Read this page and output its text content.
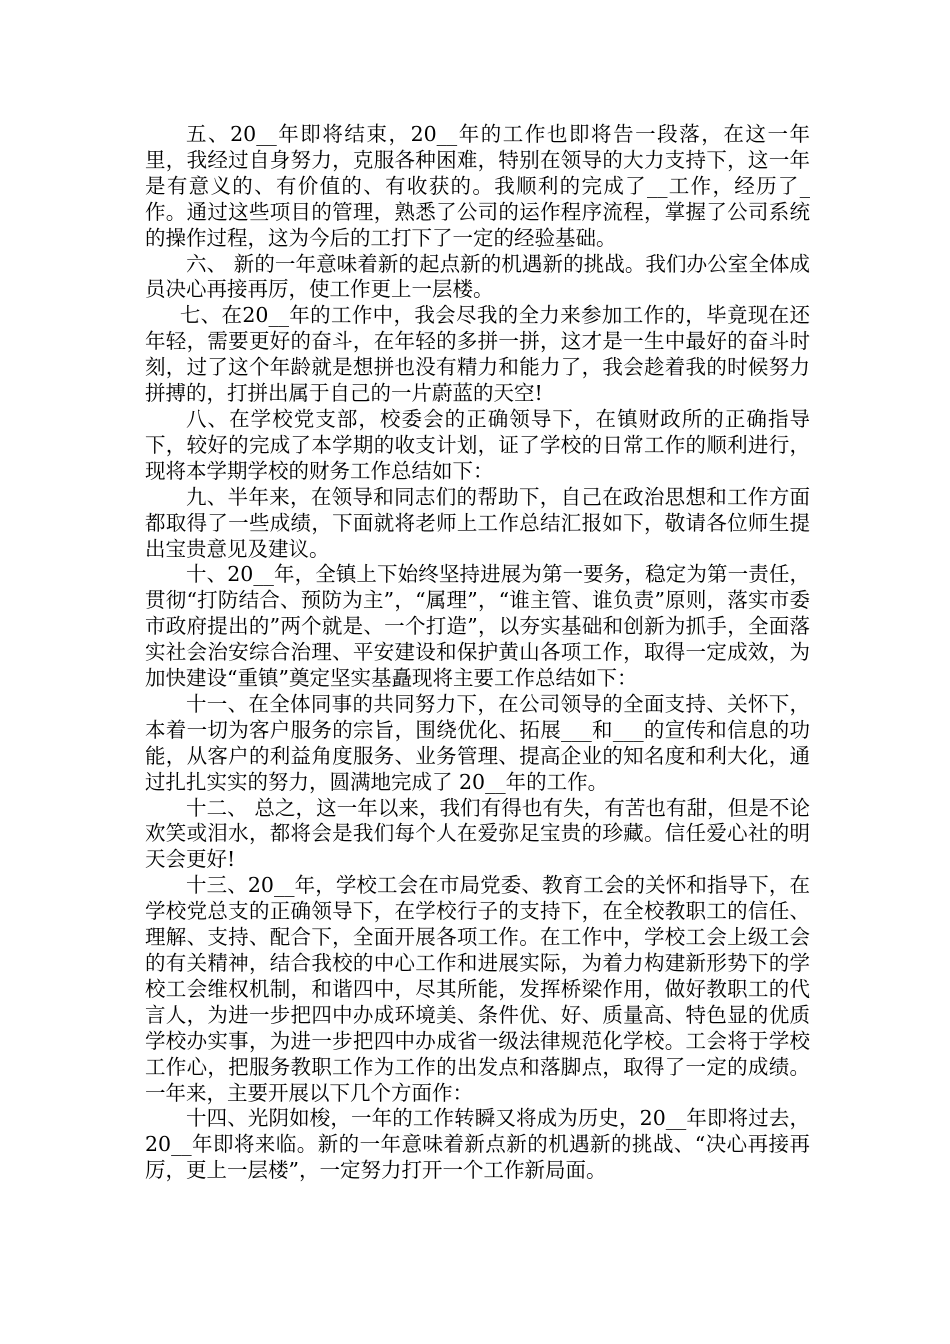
五、20__年即将结束，20__年的工作也即将告一段落，在这一年里，我经过自身努力，克服各种困难，特别在领导的大力支持下，这一年是有意义的、有价值的、有收获的。我顺利的完成了__工作，经历了_作。通过这些项目的管理，熟悉了公司的运作程序流程，掌握了公司系统的操作过程，这为今后的工打下了一定的经验基础。

六、 新的一年意味着新的起点新的机遇新的挑战。我们办公室全体成员决心再接再厉，使工作更上一层楼。

七、在20__年的工作中，我会尽我的全力来参加工作的，毕竟现在还年轻，需要更好的奋斗，在年轻的多拼一拼，这才是一生中最好的奋斗时刻，过了这个年龄就是想拼也没有精力和能力了，我会趁着我的时候努力拼搏的，打拼出属于自己的一片蔚蓝的天空!

八、在学校党支部，校委会的正确领导下，在镇财政所的正确指导下，较好的完成了本学期的收支计划，证了学校的日常工作的顺利进行，现将本学期学校的财务工作总结如下：

九、半年来，在领导和同志们的帮助下，自己在政治思想和工作方面都取得了一些成绩，下面就将老师上工作总结汇报如下，敬请各位师生提出宝贵意见及建议。

十、20__年，全镇上下始终坚持进展为第一要务，稳定为第一责任，贯彻“打防结合、预防为主”，“属理”，“谁主管、谁负责”原则，落实市委市政府提出的”两个就是、一个打造”，以夯实基础和创新为抓手，全面落实社会治安综合治理、平安建设和保护黄山各项工作，取得一定成效，为加快建设“重镇”奠定坚实基矗现将主要工作总结如下：

十一、在全体同事的共同努力下，在公司领导的全面支持、关怀下，本着一切为客户服务的宗旨，围绕优化、拓展___和___的宣传和信息的功能，从客户的利益角度服务、业务管理、提高企业的知名度和利大化，通过扎扎实实的努力，圆满地完成了 20__年的工作。

十二、 总之，这一年以来，我们有得也有失，有苦也有甜，但是不论欢笑或泪水，都将会是我们每个人在爱弥足宝贵的珍藏。信任爱心社的明天会更好!

十三、20__年，学校工会在市局党委、教育工会的关怀和指导下，在学校党总支的正确领导下，在学校行子的支持下，在全校教职工的信任、理解、支持、配合下，全面开展各项工作。在工作中，学校工会上级工会的有关精神，结合我校的中心工作和进展实际，为着力构建新形势下的学校工会维权机制，和谐四中，尽其所能，发挥桥梁作用，做好教职工的代言人，为进一步把四中办成环境美、条件优、好、质量高、特色显的优质学校办实事，为进一步把四中办成省一级法律规范化学校。工会将于学校工作心，把服务教职工作为工作的出发点和落脚点，取得了一定的成绩。一年来，主要开展以下几个方面作：

十四、光阴如梭，一年的工作转瞬又将成为历史，20__年即将过去，20__年即将来临。新的一年意味着新点新的机遇新的挑战、“决心再接再厉，更上一层楼”，一定努力打开一个工作新局面。
